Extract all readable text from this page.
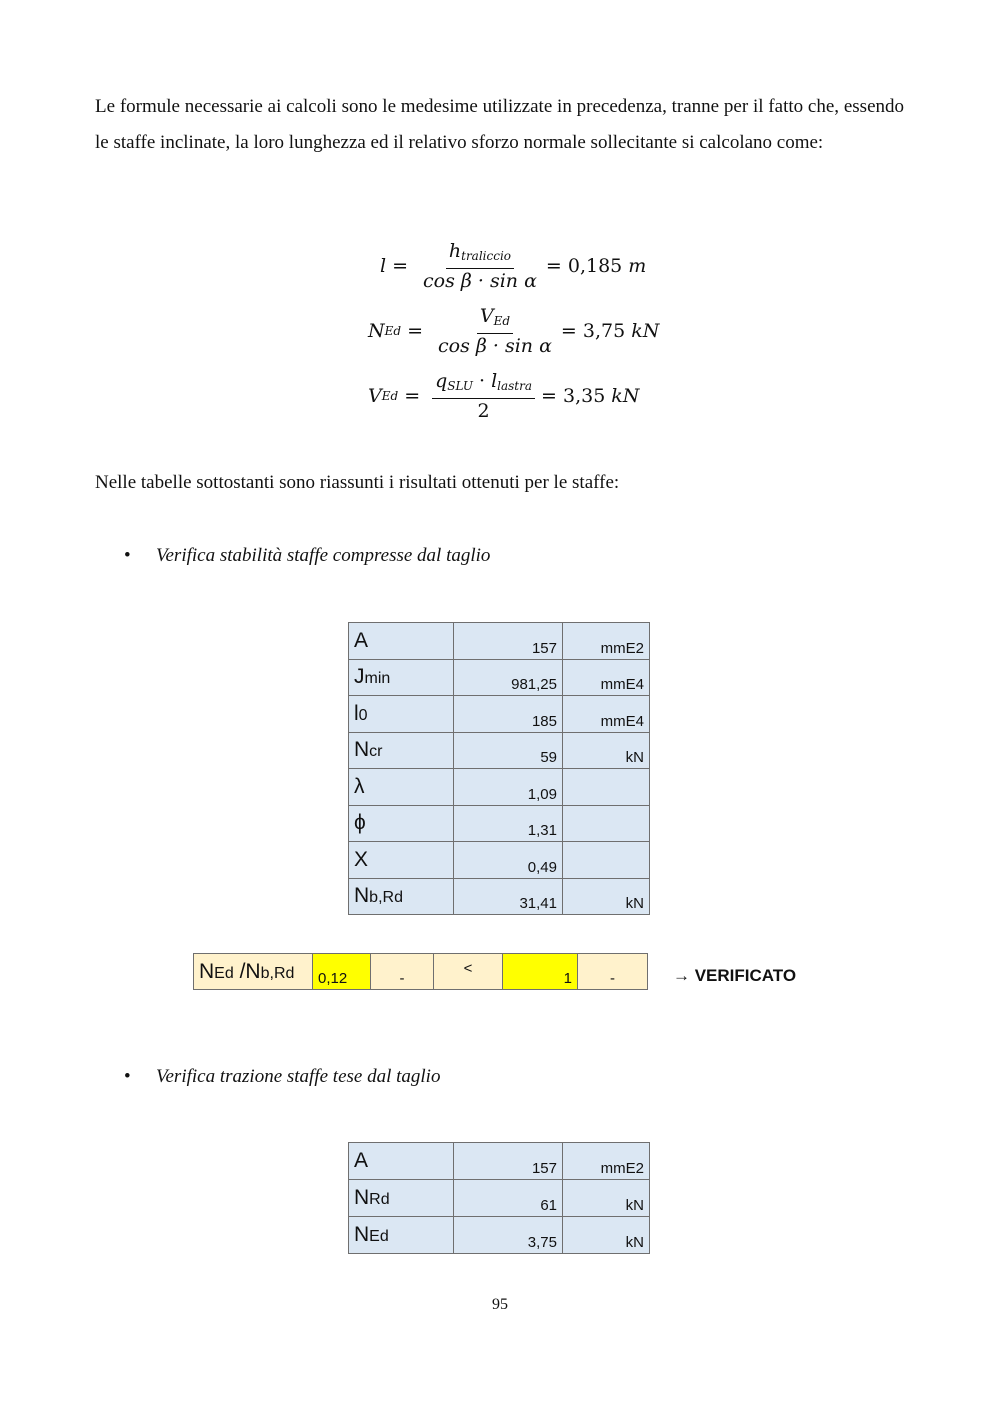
Le formule necessarie ai calcoli sono le medesime utilizzate in precedenza, tranne per il fatto che, essendo le staffe inclinate, la loro lunghezza ed il relativo sforzo normale sollecitante si calcolano come:
$l = \frac{h_{traliccio}}{\text{cos β · sin α}} = 0,185$ m
N $Ed = \frac{V_{Ed}}{\text{cos β · sin α}} = 3,75$ kN
V $Ed = \frac{q_{SLU} \cdot l_{lastra}}{2} = 3,35$ kN
Nelle tabelle sottostanti sono riassunti i risultati ottenuti per le staffe:
•	Verifica stabilità staffe compresse dal taglio
A	157	mmE2
Jmin	981,25	mmE4
l0	185	mmE4
Ncr	59	kN
λ	1,09	
ϕ	1,31	
Χ	0,49	
Nb,Rd	31,41	kN
NEd /Nb,Rd	0,12	-	<	1	-	→ VERIFICATO
•	Verifica trazione staffe tese dal taglio
A	157	mmE2
NRd	61	kN
NEd	3,75	kN
95
